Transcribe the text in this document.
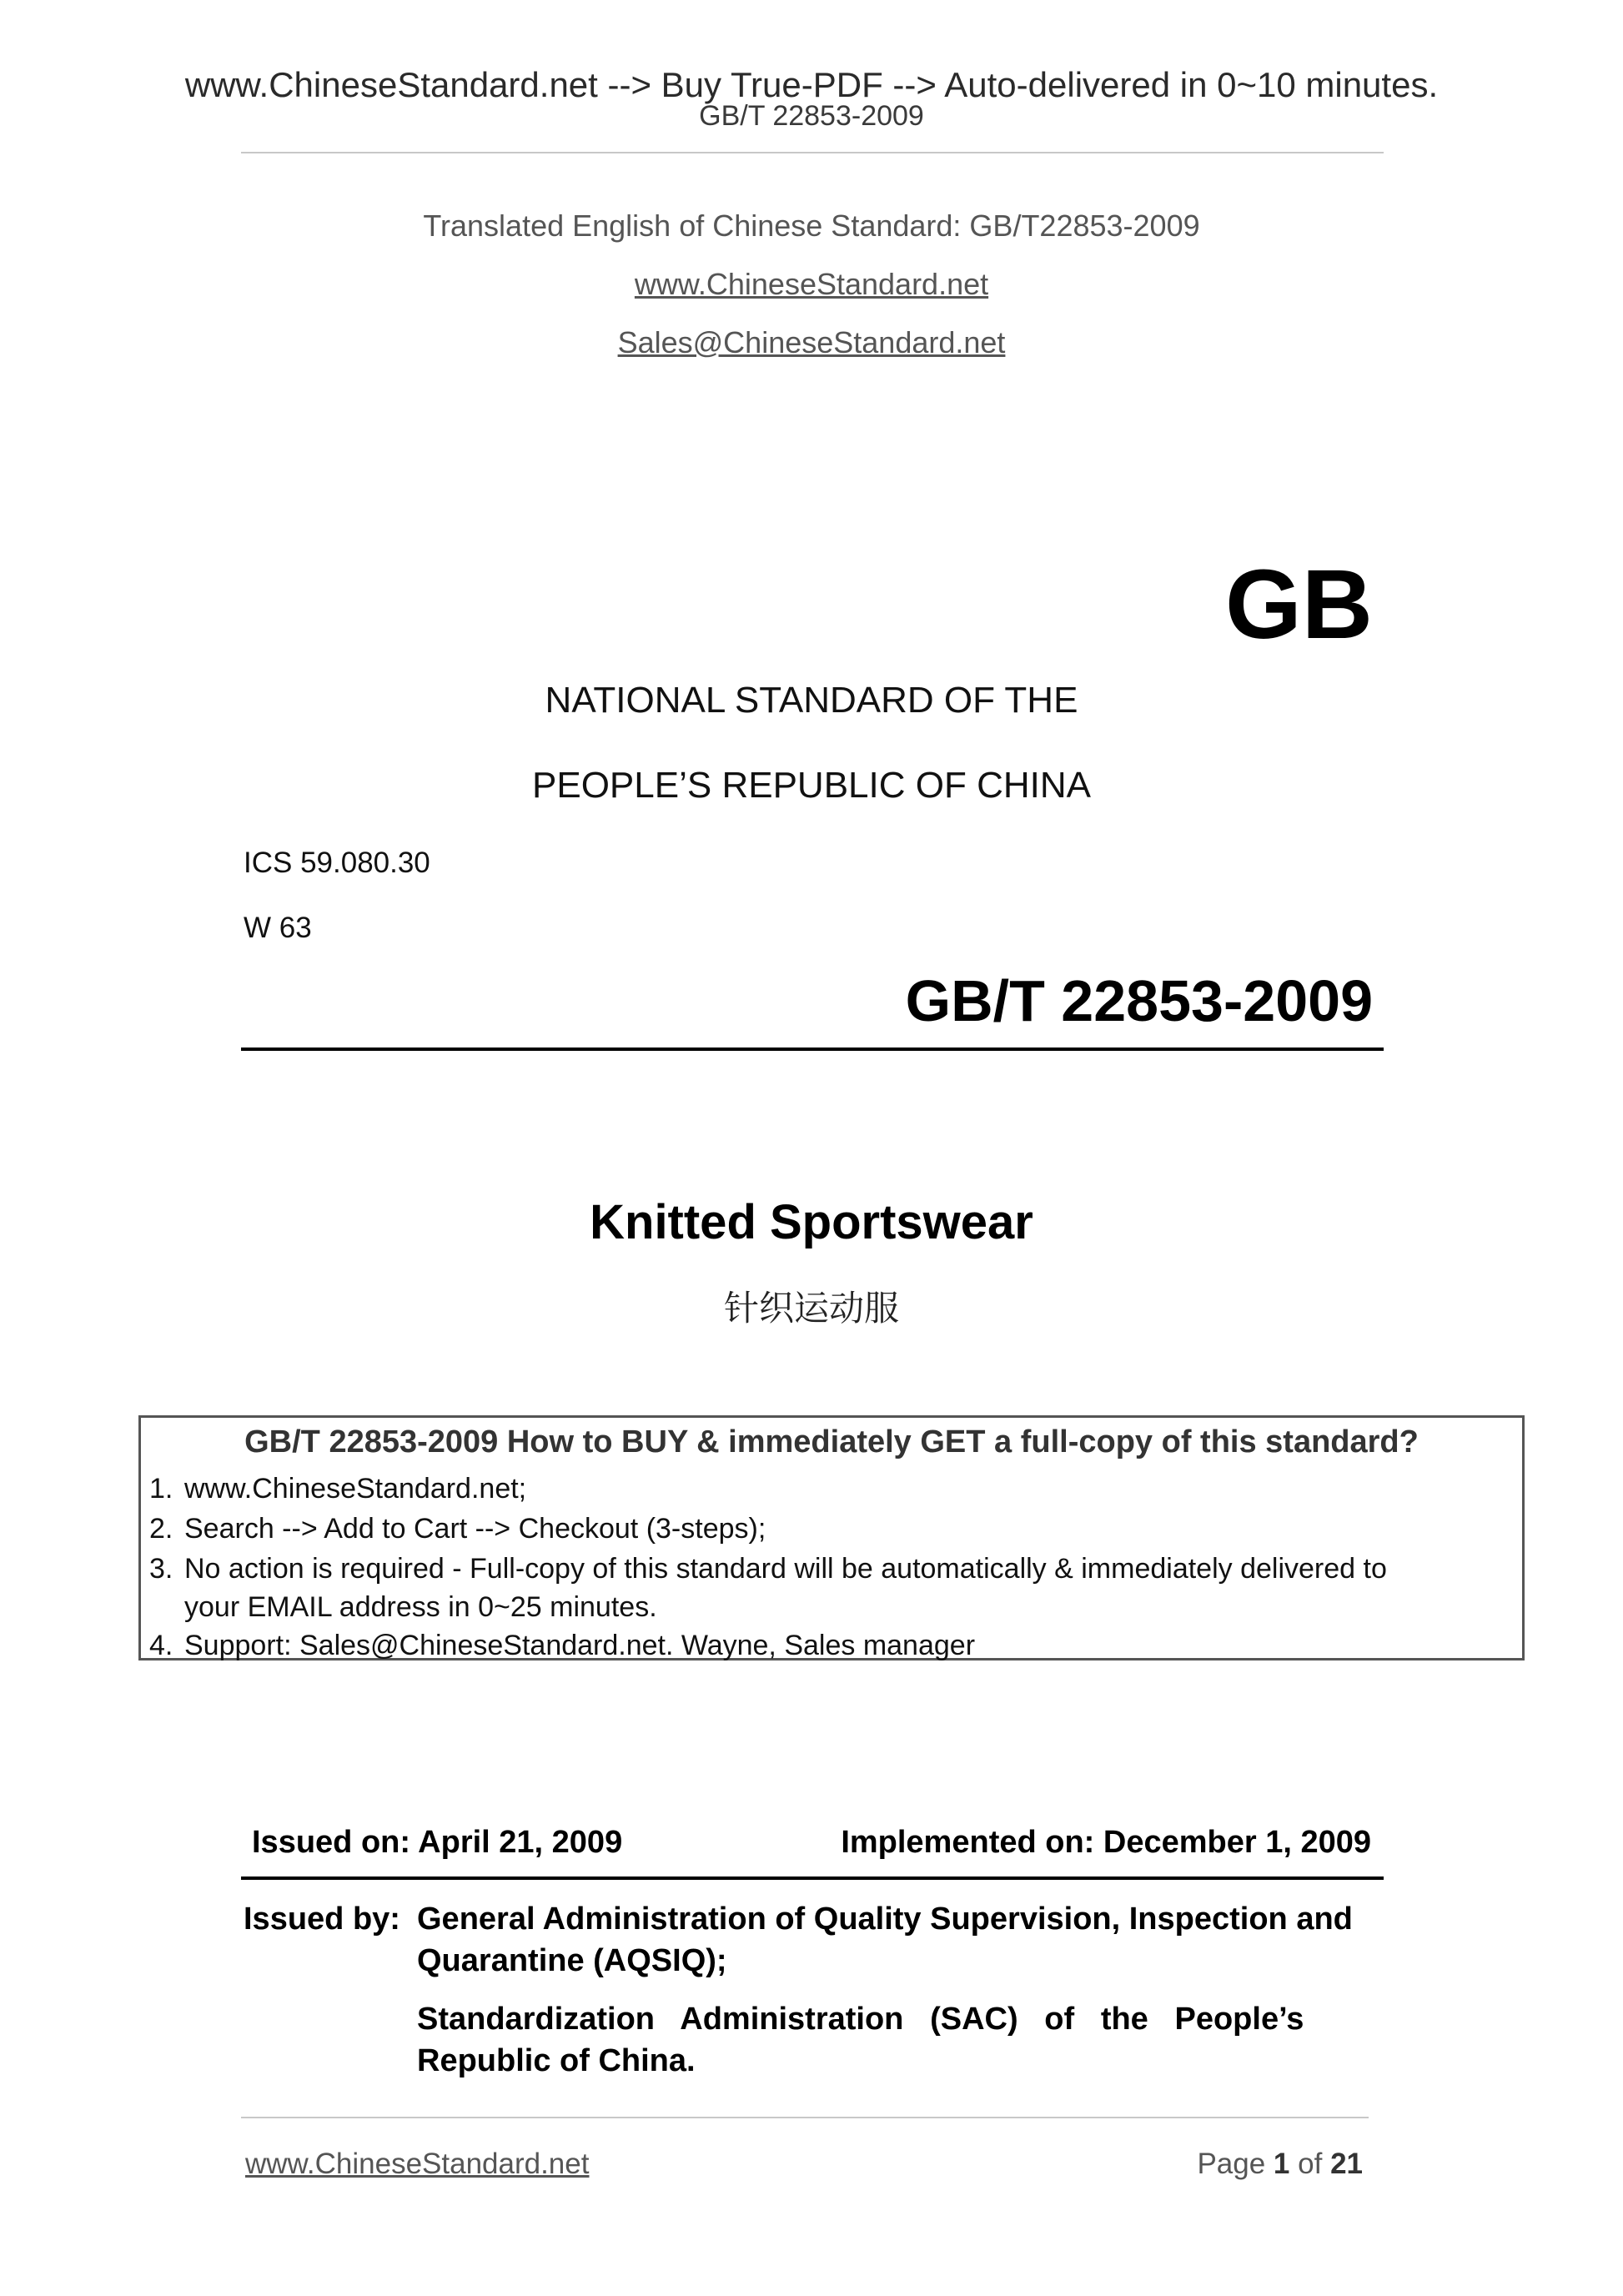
www.ChineseStandard.net --> Buy True-PDF --> Auto-delivered in 0~10 minutes.
GB/T 22853-2009
Translated English of Chinese Standard: GB/T22853-2009
www.ChineseStandard.net
Sales@ChineseStandard.net
GB
NATIONAL STANDARD OF THE
PEOPLE’S REPUBLIC OF CHINA
ICS 59.080.30
W 63
GB/T 22853-2009
Knitted Sportswear
针织运动服
GB/T 22853-2009 How to BUY & immediately GET a full-copy of this standard?
1. www.ChineseStandard.net;
2. Search --> Add to Cart --> Checkout (3-steps);
3. No action is required - Full-copy of this standard will be automatically & immediately delivered to
your EMAIL address in 0~25 minutes.
4. Support: Sales@ChineseStandard.net. Wayne, Sales manager
Issued on: April 21, 2009	Implemented on: December 1, 2009
Issued by: General Administration of Quality Supervision, Inspection and
Quarantine (AQSIQ);
Standardization   Administration   (SAC)   of   the   People’s
Republic of China.
www.ChineseStandard.net	Page 1 of 21
